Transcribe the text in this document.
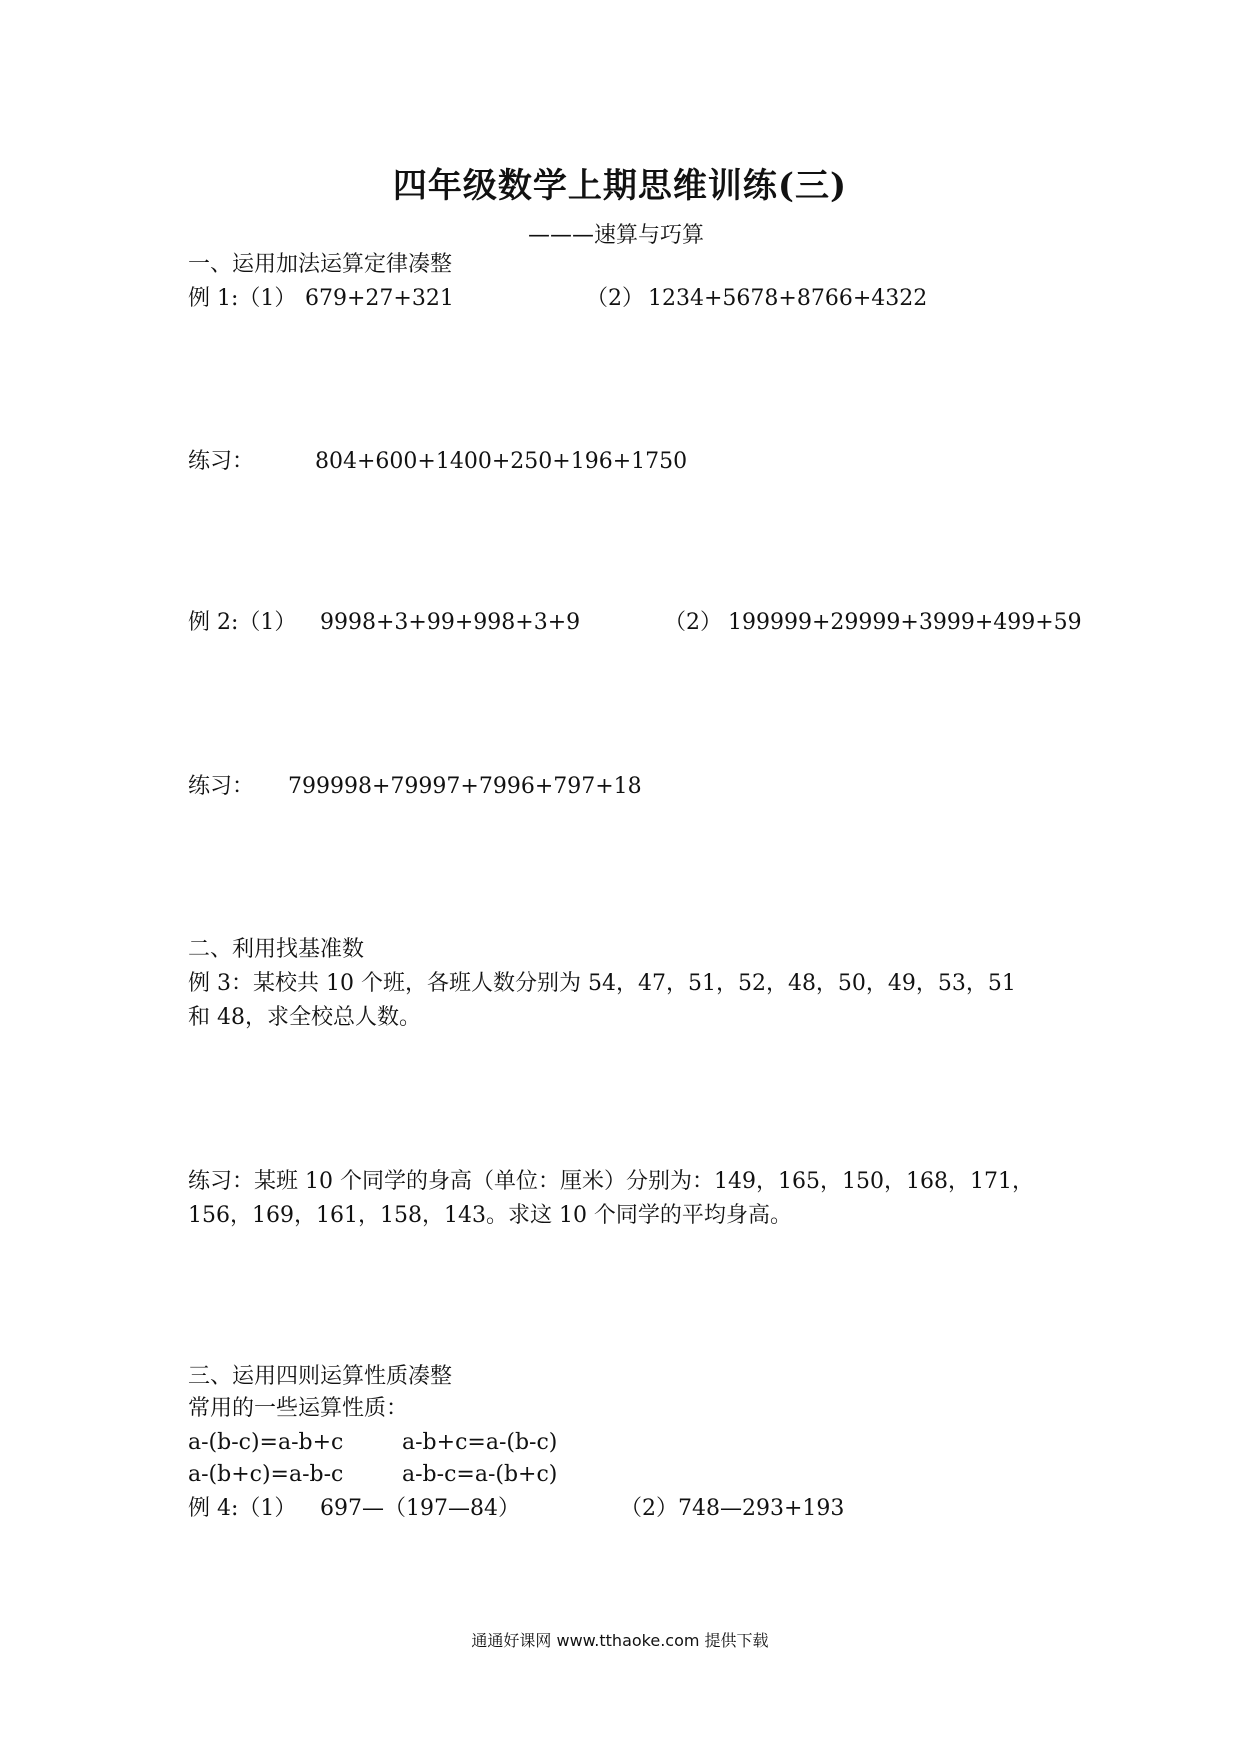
四年级数学上期思维训练(三)
———速算与巧算
一、运用加法运算定律凑整
例 1:（1） 679+27+321	（2） 1234+5678+8766+4322
练习：	804+600+1400+250+196+1750
例 2:（1） 9998+3+99+998+3+9	（2） 199999+29999+3999+499+59
练习： 799998+79997+7996+797+18
二、利用找基准数
例 3：某校共 10 个班，各班人数分别为 54，47，51，52，48，50，49，53，51
和 48，求全校总人数。
练习：某班 10 个同学的身高（单位：厘米）分别为：149，165，150，168，171，
156，169，161，158，143。求这 10 个同学的平均身高。
三、运用四则运算性质凑整
常用的一些运算性质：
a-(b-c)=a-b+c	a-b+c=a-(b-c)
a-(b+c)=a-b-c	a-b-c=a-(b+c)
例 4:（1） 697—（197—84）	（2）748—293+193
通通好课网 www.tthaoke.com 提供下载
